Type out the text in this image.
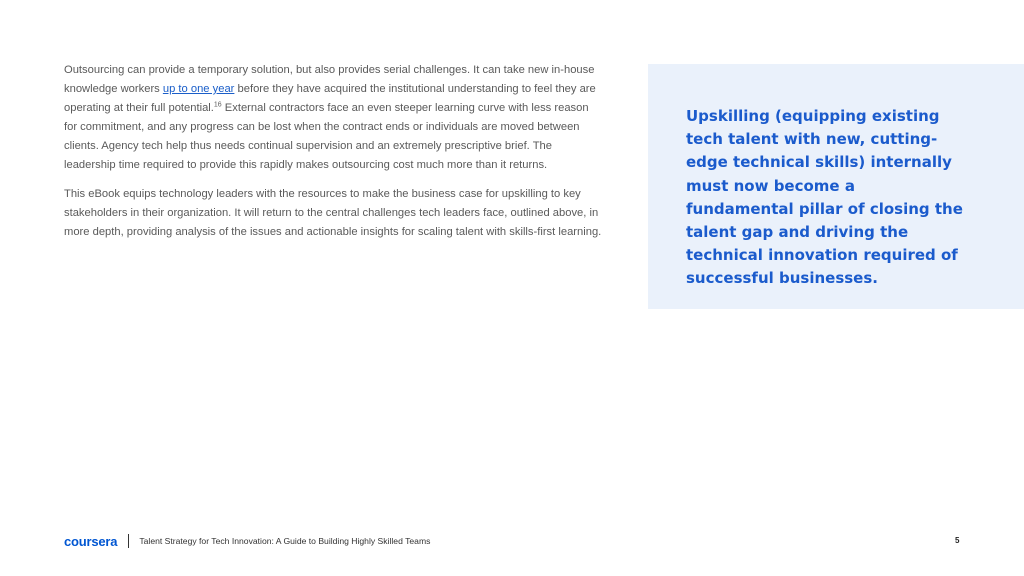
Outsourcing can provide a temporary solution, but also provides serial challenges. It can take new in-house knowledge workers up to one year before they have acquired the institutional understanding to feel they are operating at their full potential.$^{16}$ External contractors face an even steeper learning curve with less reason for commitment, and any progress can be lost when the contract ends or individuals are moved between clients. Agency tech help thus needs continual supervision and an extremely prescriptive brief. The leadership time required to provide this rapidly makes outsourcing cost much more than it returns.

This eBook equips technology leaders with the resources to make the business case for upskilling to key stakeholders in their organization. It will return to the central challenges tech leaders face, outlined above, in more depth, providing analysis of the issues and actionable insights for scaling talent with skills-first learning.

Upskilling (equipping existing tech talent with new, cutting-edge technical skills) internally must now become a fundamental pillar of closing the talent gap and driving the technical innovation required of successful businesses.

coursera	Talent Strategy for Tech Innovation: A Guide to Building Highly Skilled Teams	5
